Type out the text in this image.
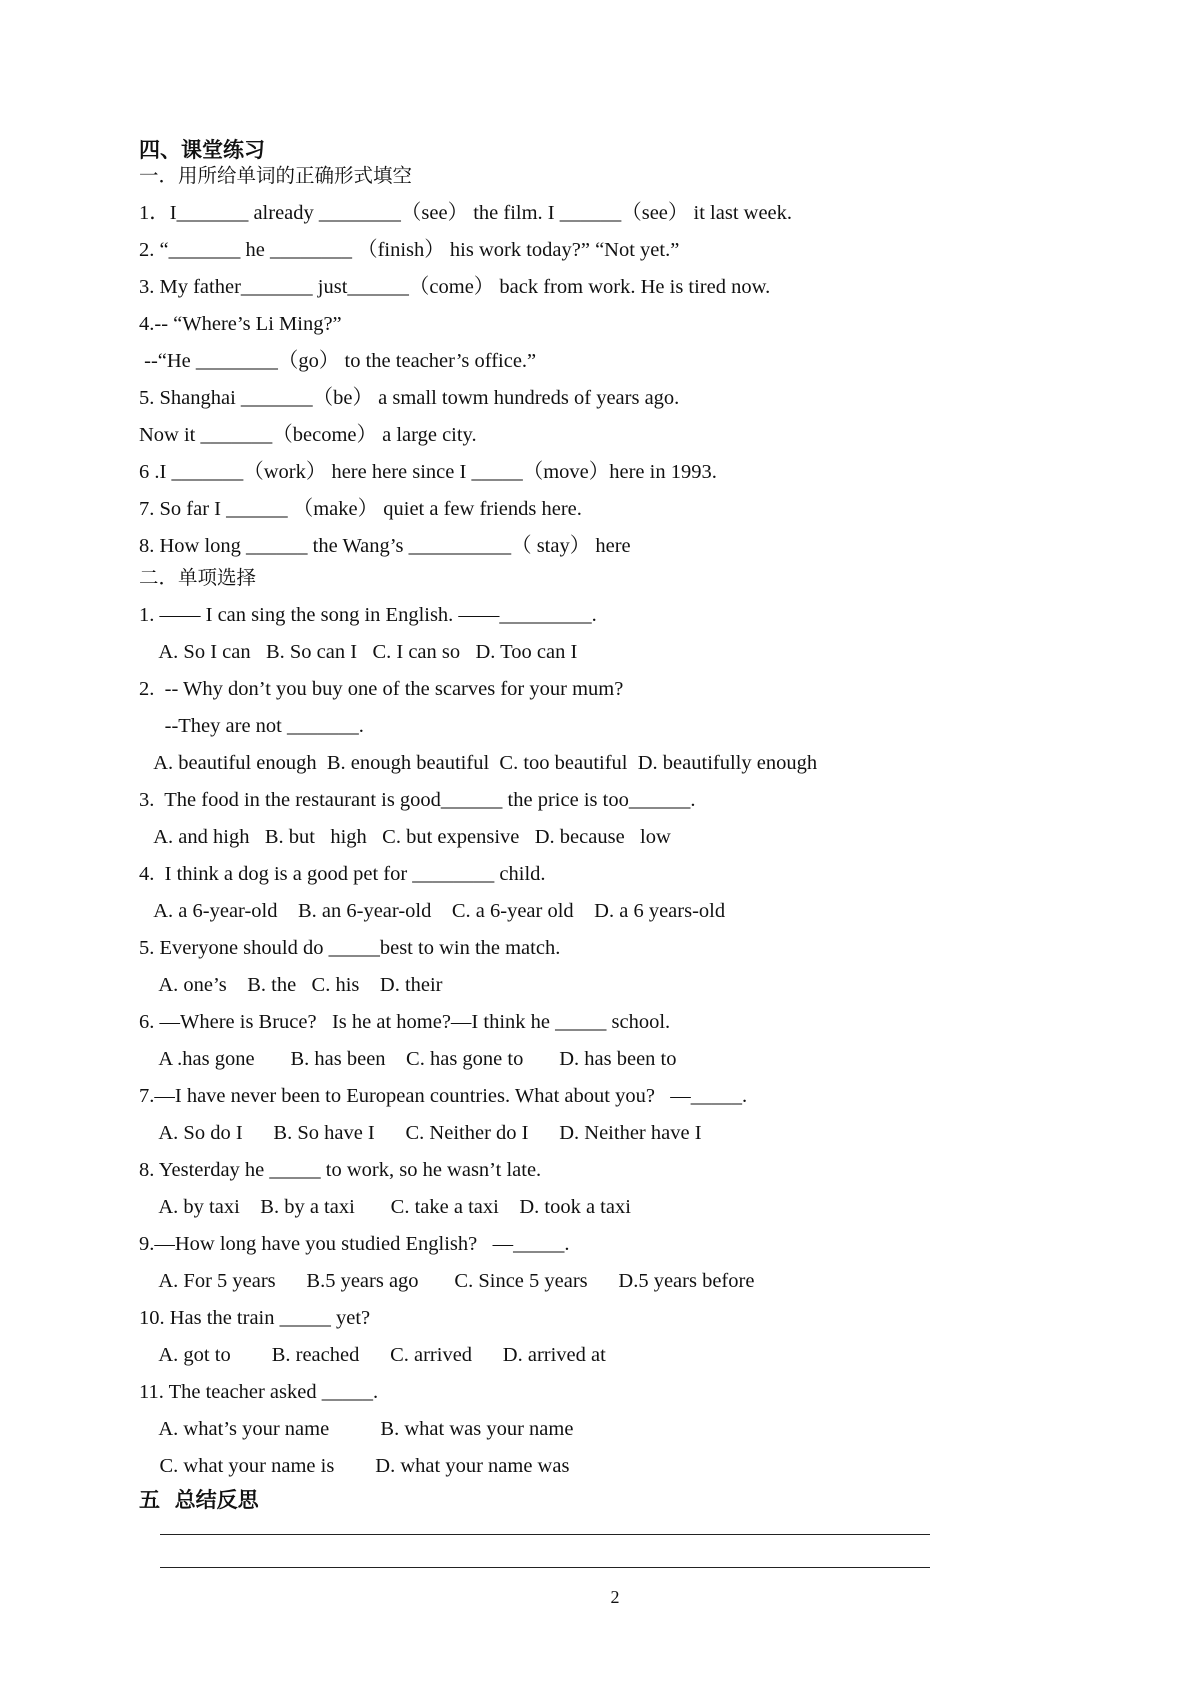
四、课堂练习
一．用所给单词的正确形式填空
1．I_______ already ________（see） the film. I ______（see） it last week.
2. “_______ he ________ （finish） his work today?” “Not yet.”
3. My father_______ just______（come） back from work. He is tired now.
4.-- “Where’s Li Ming?”
--“He ________（go） to the teacher’s office.”
5. Shanghai _______（be） a small towm hundreds of years ago.
Now it _______（become） a large city.
6 .I _______（work） here here since I _____（move）here in 1993.
7. So far I ______ （make） quiet a few friends here.
8. How long ______ the Wang’s __________（ stay） here
二．单项选择
1. —— I can sing the song in English. ——_________.
A. So I can   B. So can I   C. I can so   D. Too can I
2.  -- Why don’t you buy one of the scarves for your mum?
--They are not _______.
A. beautiful enough  B. enough beautiful  C. too beautiful  D. beautifully enough
3.  The food in the restaurant is good______ the price is too______.
A. and high   B. but   high   C. but expensive   D. because   low
4.  I think a dog is a good pet for ________ child.
A. a 6-year-old    B. an 6-year-old    C. a 6-year old    D. a 6 years-old
5. Everyone should do _____best to win the match.
A. one’s    B. the   C. his    D. their
6. —Where is Bruce?   Is he at home?—I think he _____ school.
A .has gone       B. has been    C. has gone to       D. has been to
7.—I have never been to European countries. What about you?   —_____.
A. So do I      B. So have I      C. Neither do I      D. Neither have I
8. Yesterday he _____ to work, so he wasn’t late.
A. by taxi    B. by a taxi       C. take a taxi    D. took a taxi
9.—How long have you studied English?   —_____.
A. For 5 years      B.5 years ago       C. Since 5 years      D.5 years before
10. Has the train _____ yet?
A. got to        B. reached      C. arrived      D. arrived at
11. The teacher asked _____.
A. what’s your name          B. what was your name
C. what your name is        D. what your name was
五  总结反思
2
